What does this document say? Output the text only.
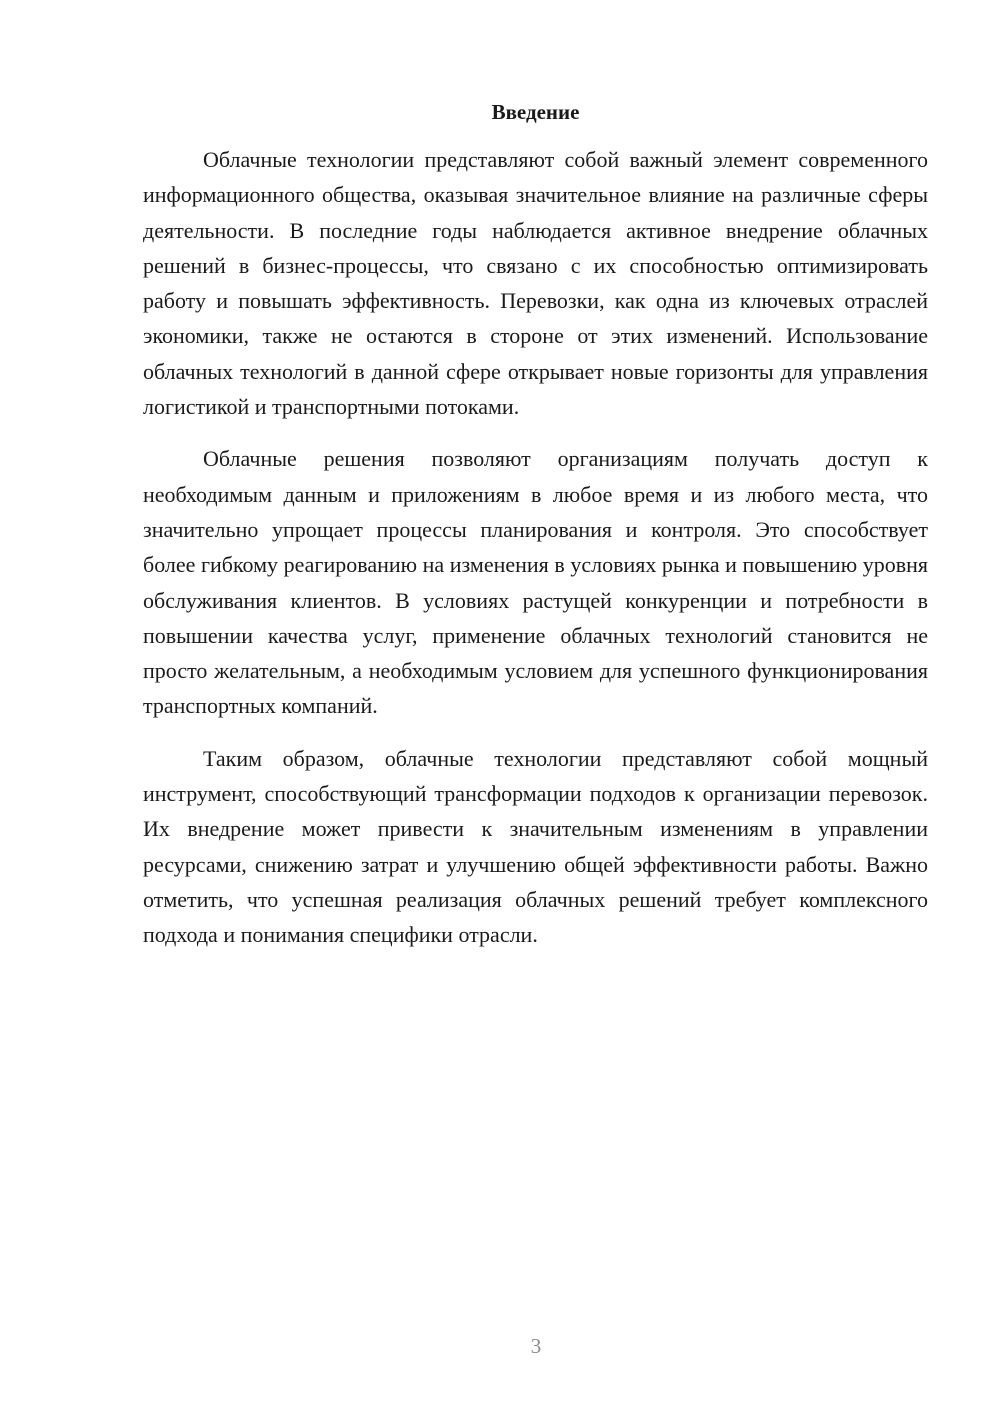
Введение

Облачные технологии представляют собой важный элемент современного информационного общества, оказывая значительное влияние на различные сферы деятельности. В последние годы наблюдается активное внедрение облачных решений в бизнес-процессы, что связано с их способностью оптимизировать работу и повышать эффективность. Перевозки, как одна из ключевых отраслей экономики, также не остаются в стороне от этих изменений. Использование облачных технологий в данной сфере открывает новые горизонты для управления логистикой и транспортными потоками.

Облачные решения позволяют организациям получать доступ к необходимым данным и приложениям в любое время и из любого места, что значительно упрощает процессы планирования и контроля. Это способствует более гибкому реагированию на изменения в условиях рынка и повышению уровня обслуживания клиентов. В условиях растущей конкуренции и потребности в повышении качества услуг, применение облачных технологий становится не просто желательным, а необходимым условием для успешного функционирования транспортных компаний.

Таким образом, облачные технологии представляют собой мощный инструмент, способствующий трансформации подходов к организации перевозок. Их внедрение может привести к значительным изменениям в управлении ресурсами, снижению затрат и улучшению общей эффективности работы. Важно отметить, что успешная реализация облачных решений требует комплексного подхода и понимания специфики отрасли.

3
